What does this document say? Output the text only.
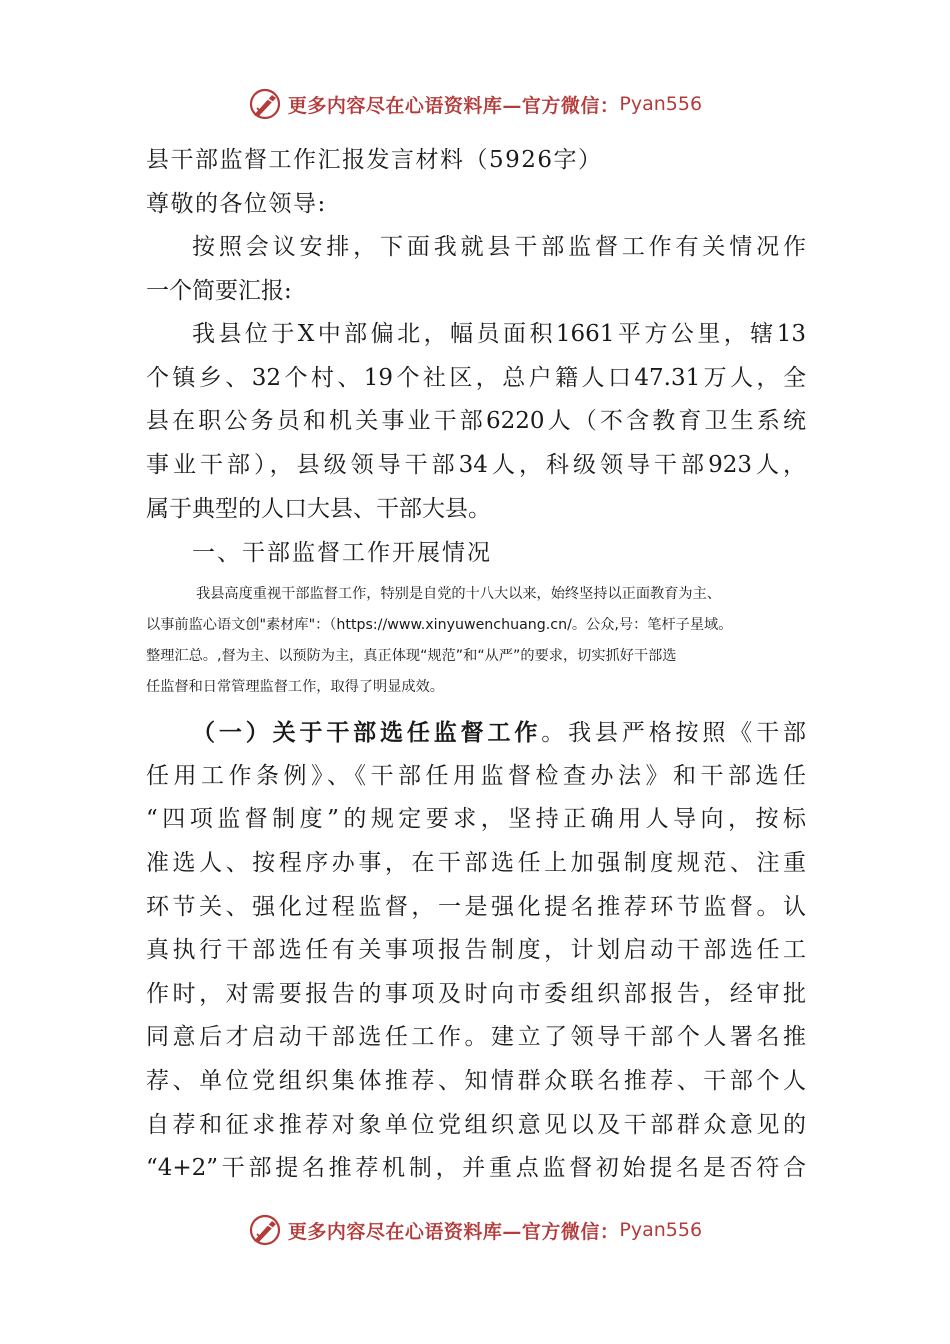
更多内容尽在心语资料库—官方微信： Pyan556
县干部监督工作汇报发言材料（5926字）
尊敬的各位领导:
按照会议安排，下面我就县干部监督工作有关情况作
一个简要汇报:
我县位于X中部偏北，幅员面积1661平方公里，辖13
个镇乡、32个村、19个社区，总户籍人口47.31万人，全
县在职公务员和机关事业干部6220人（不含教育卫生系统
事业干部），县级领导干部34人，科级领导干部923人，
属于典型的人口大县、干部大县。
一、干部监督工作开展情况
我县高度重视干部监督工作，特别是自党的十八大以来，始终坚持以正面教育为主、
以事前监心语文创"素材库"：（https://www.xinyuwenchuang.cn/。公众,号：笔杆子星域。
整理汇总。,督为主、以预防为主，真正体现“规范”和“从严”的要求，切实抓好干部选
任监督和日常管理监督工作，取得了明显成效。
（一）关于干部选任监督工作。我县严格按照《干部
任用工作条例》、《干部任用监督检查办法》和干部选任
“四项监督制度”的规定要求，坚持正确用人导向，按标
准选人、按程序办事，在干部选任上加强制度规范、注重
环节关、强化过程监督，一是强化提名推荐环节监督。认
真执行干部选任有关事项报告制度，计划启动干部选任工
作时，对需要报告的事项及时向市委组织部报告，经审批
同意后才启动干部选任工作。建立了领导干部个人署名推
荐、单位党组织集体推荐、知情群众联名推荐、干部个人
自荐和征求推荐对象单位党组织意见以及干部群众意见的
“4+2”干部提名推荐机制，并重点监督初始提名是否符合
更多内容尽在心语资料库—官方微信： Pyan556
